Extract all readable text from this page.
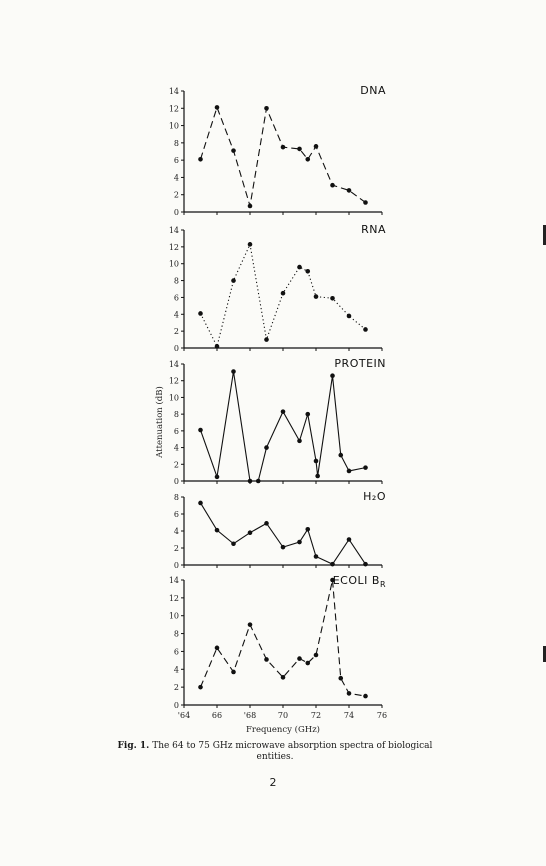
0
2
4
6
8
10
12
14	DNA
0
2
4
6
8
10
12
14	RNA
0
2
4
6
8
10
12
14	PROTEIN
0
2
4
6
8	H₂O
0
2
4
6
8
10
12
14	ECOLI $B_R$
'64	66	'68	70	72	74	76
Frequency (GHz)
Attenuation (dB)
Fig. 1. The 64 to 75 GHz microwave absorption spectra of biological entities.
2
